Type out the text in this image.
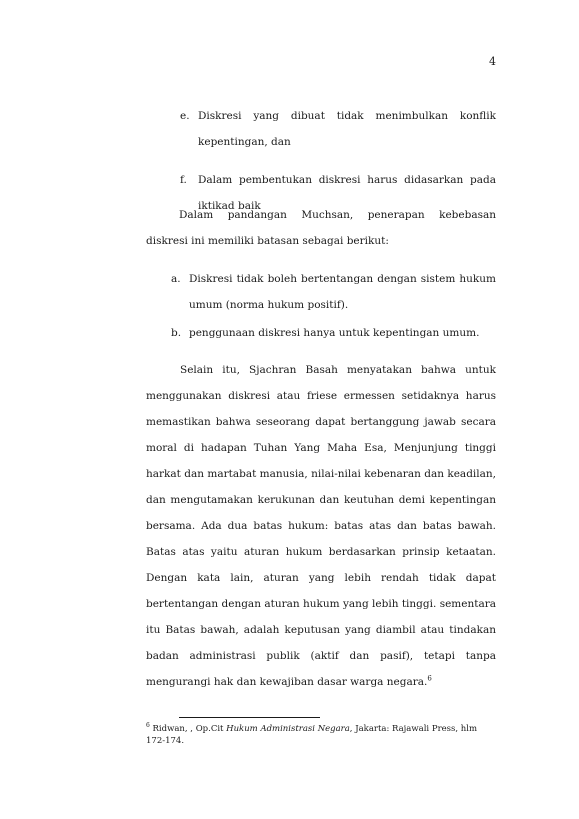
4
e. Diskresi yang dibuat tidak menimbulkan konflik kepentingan, dan
f. Dalam pembentukan diskresi harus didasarkan pada iktikad baik

Dalam pandangan Muchsan, penerapan kebebasan diskresi ini memiliki batasan sebagai berikut:

a. Diskresi tidak boleh bertentangan dengan sistem hukum umum (norma hukum positif).
b. penggunaan diskresi hanya untuk kepentingan umum.

Selain itu, Sjachran Basah menyatakan bahwa untuk menggunakan diskresi atau friese ermessen setidaknya harus memastikan bahwa seseorang dapat bertanggung jawab secara moral di hadapan Tuhan Yang Maha Esa, Menjunjung tinggi harkat dan martabat manusia, nilai-nilai kebenaran dan keadilan, dan mengutamakan kerukunan dan keutuhan demi kepentingan bersama. Ada dua batas hukum: batas atas dan batas bawah. Batas atas yaitu aturan hukum berdasarkan prinsip ketaatan. Dengan kata lain, aturan yang lebih rendah tidak dapat bertentangan dengan aturan hukum yang lebih tinggi. sementara itu Batas bawah, adalah keputusan yang diambil atau tindakan badan administrasi publik (aktif dan pasif), tetapi tanpa mengurangi hak dan kewajiban dasar warga negara.$^6$

$^6$ Ridwan, , Op.Cit Hukum Administrasi Negara, Jakarta: Rajawali Press, hlm 172-174.
